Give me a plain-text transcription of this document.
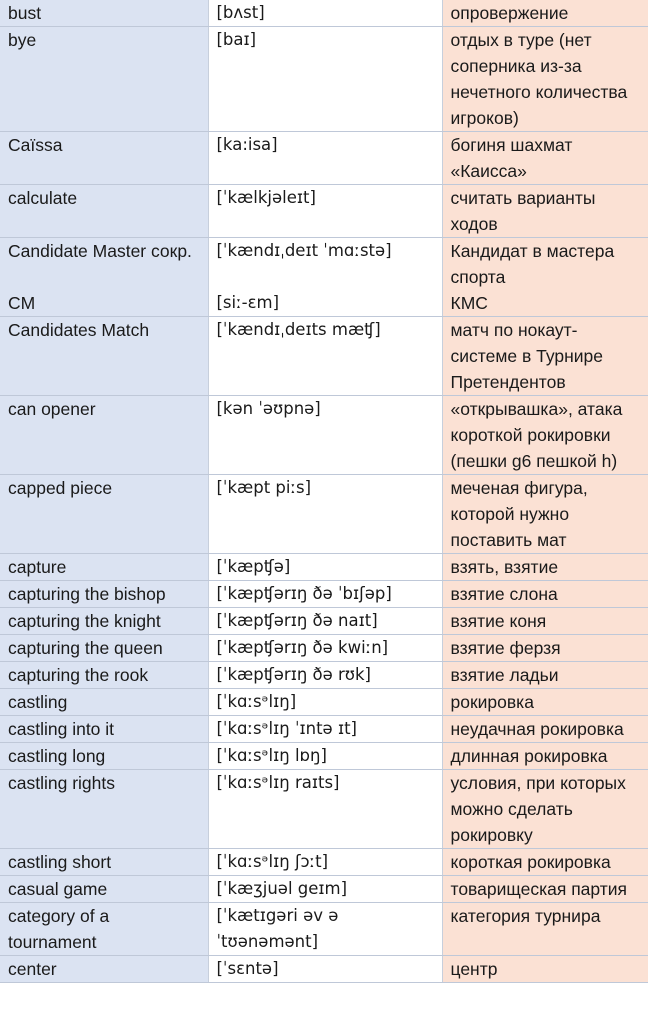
bust	[bʌst]	опровержение
bye	[baɪ]	отдых в туре (нет соперника из-за нечетного количества игроков)
Caïssa	[ka:isa]	богиня шахмат «Каисса»
calculate	[ˈkælkjəleɪt]	считать варианты ходов
Candidate Master сокр.	[ˈkændɪˌdeɪt ˈmɑːstə]	Кандидат в мастера спорта
CM	[siː-ɛm]	КМС
Candidates Match	[ˈkændɪˌdeɪts mæʧ]	матч по нокаут-системе в Турнире Претендентов
can opener	[kən ˈəʊpnə]	«открывашка», атака короткой рокировки (пешки g6 пешкой h)
capped piece	[ˈkæpt piːs]	меченая фигура, которой нужно поставить мат
capture	[ˈkæpʧə]	взять, взятие
capturing the bishop	[ˈkæpʧərɪŋ ðə ˈbɪʃəp]	взятие слона
capturing the knight	[ˈkæpʧərɪŋ ðə naɪt]	взятие коня
capturing the queen	[ˈkæpʧərɪŋ ðə kwiːn]	взятие ферзя
capturing the rook	[ˈkæpʧərɪŋ ðə rʊk]	взятие ладьи
castling	[ˈkɑːsᵊlɪŋ]	рокировка
castling into it	[ˈkɑːsᵊlɪŋ ˈɪntə ɪt]	неудачная рокировка
castling long	[ˈkɑːsᵊlɪŋ lɒŋ]	длинная рокировка
castling rights	[ˈkɑːsᵊlɪŋ raɪts]	условия, при которых можно сделать рокировку
castling short	[ˈkɑːsᵊlɪŋ ʃɔːt]	короткая рокировка
casual game	[ˈkæʒjuəl geɪm]	товарищеская партия
category of a tournament	[ˈkætɪgəri əv ə ˈtʊənəmənt]	категория турнира
center	[ˈsɛntə]	центр
